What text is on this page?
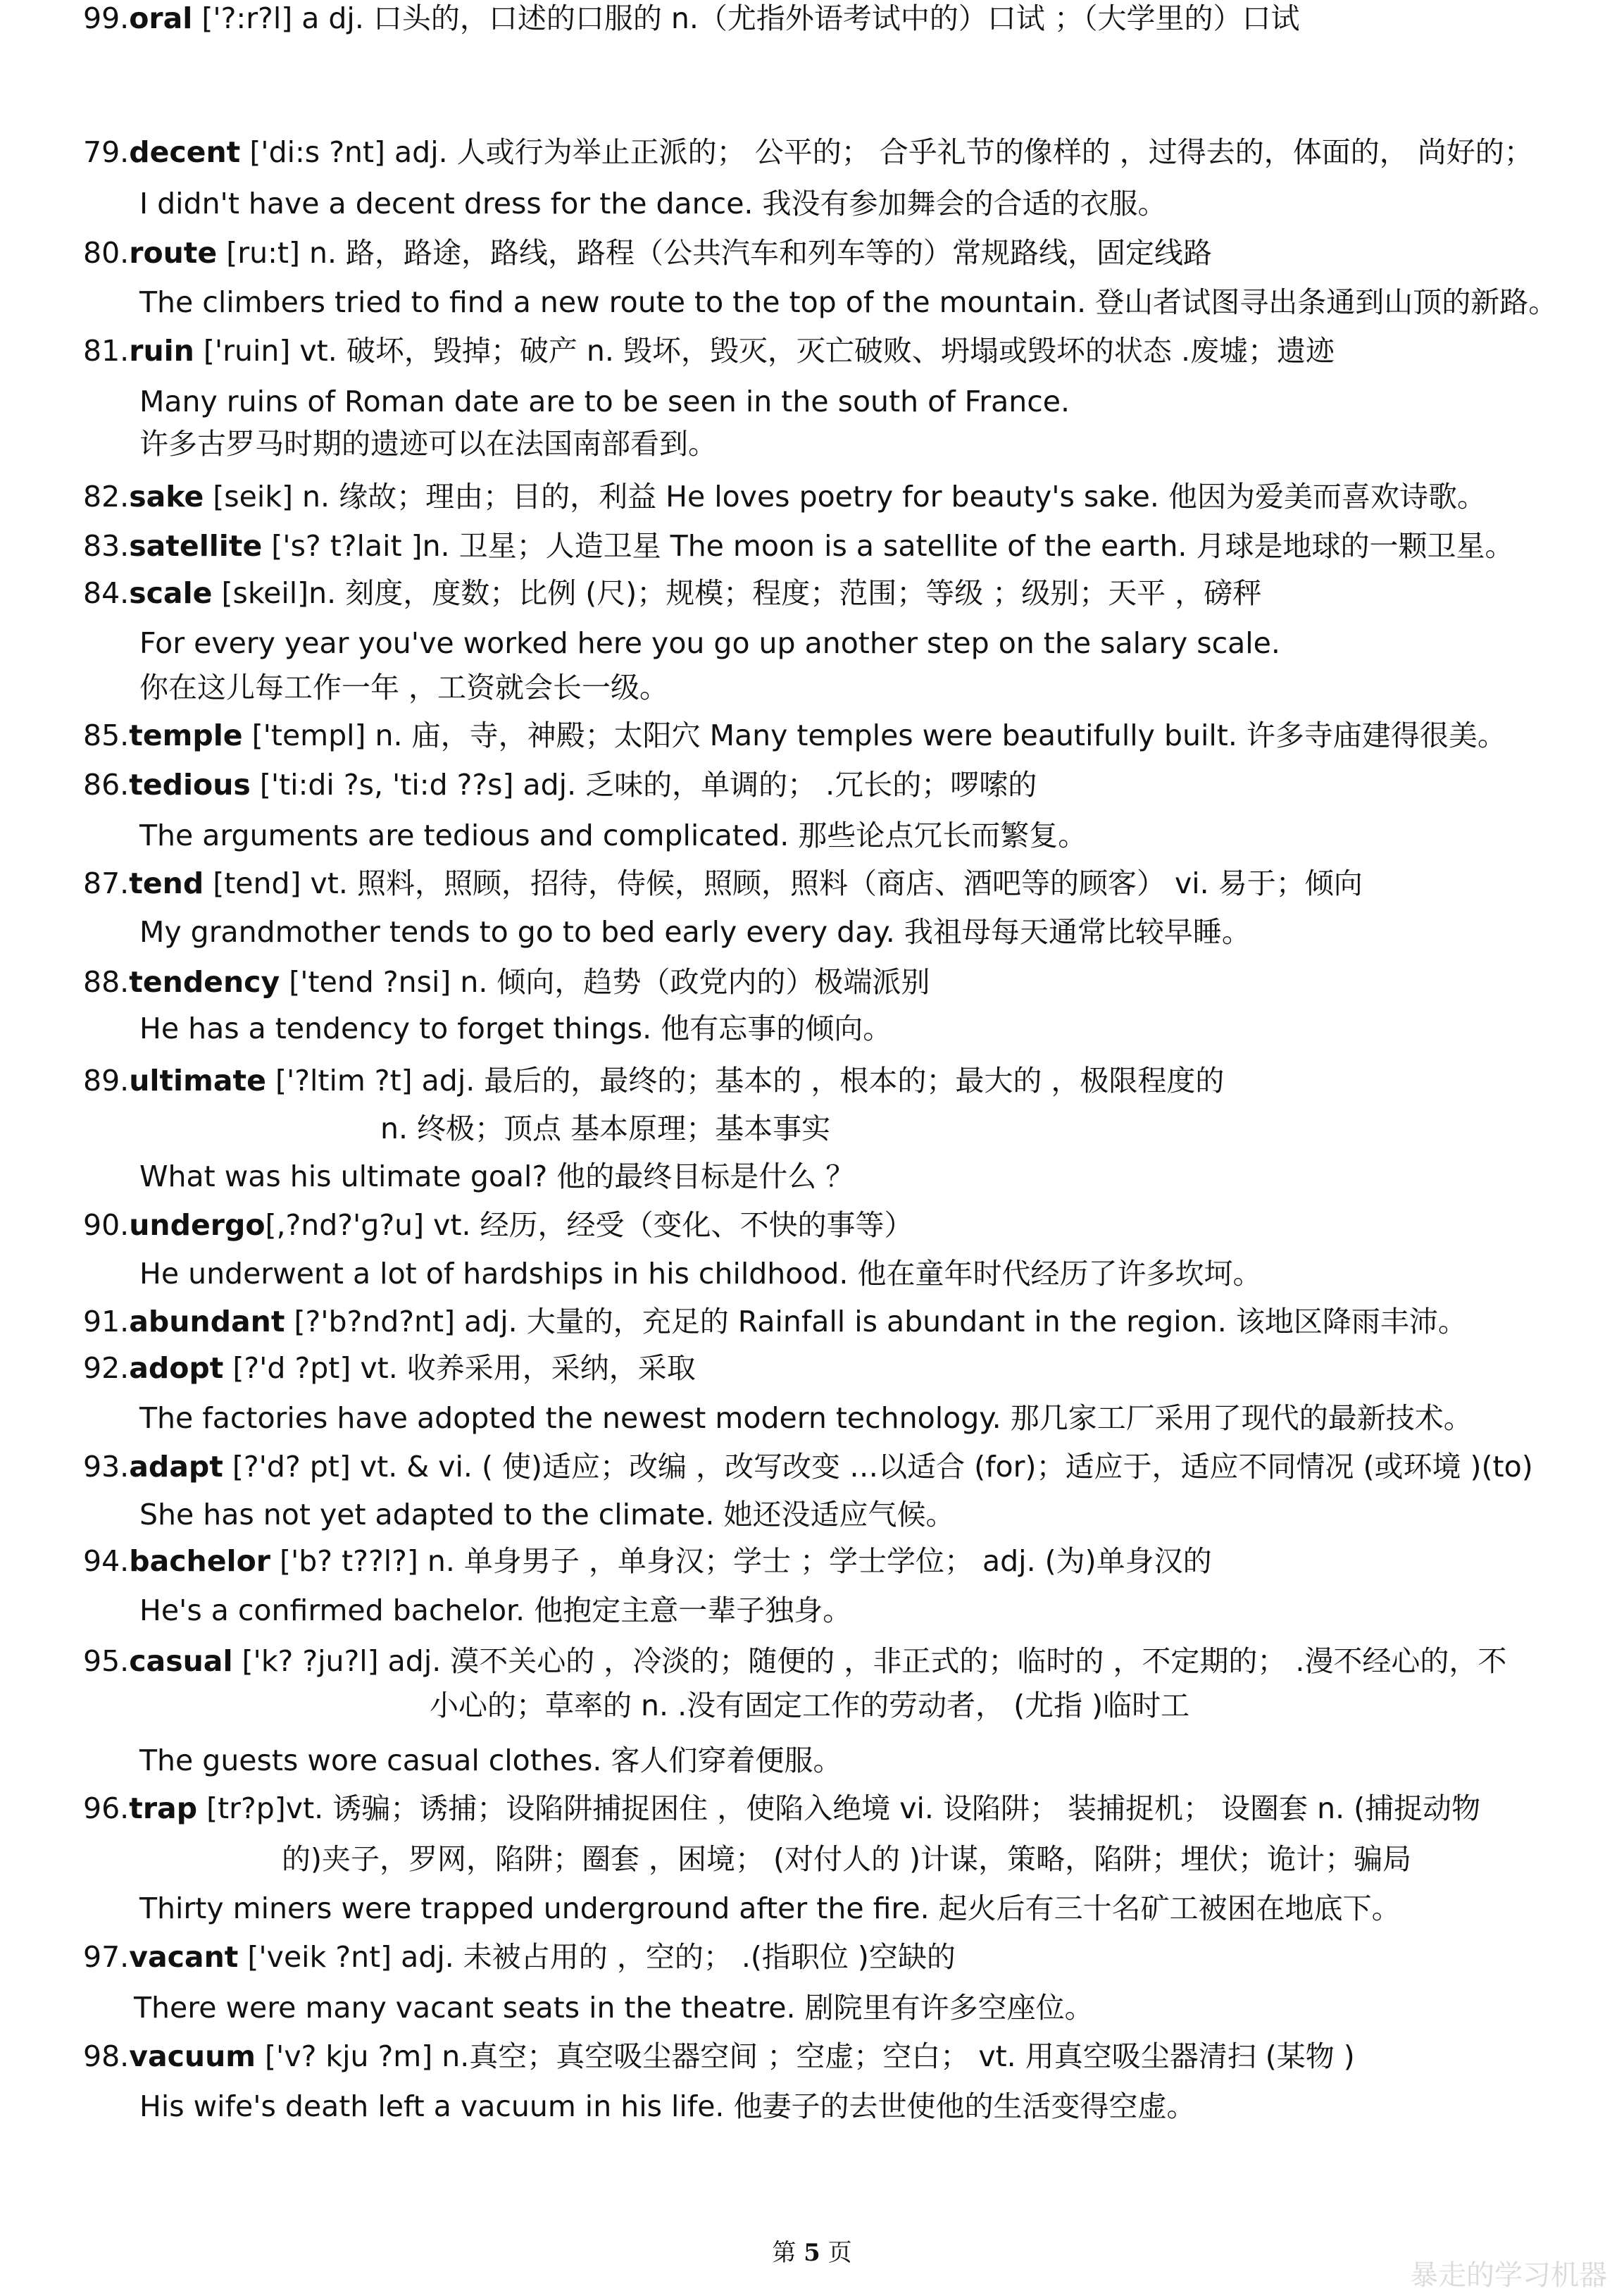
79.decent ['di:s ?nt] adj. 人或行为举止正派的； 公平的； 合乎礼节的像样的 ，过得去的，体面的， 尚好的；
I didn't have a decent dress for the dance. 我没有参加舞会的合适的衣服。
80.route [ru:t] n. 路，路途，路线，路程（公共汽车和列车等的）常规路线，固定线路
The climbers tried to find a new route to the top of the mountain. 登山者试图寻出条通到山顶的新路。
81.ruin ['ruin] vt. 破坏，毁掉；破产 n. 毁坏，毁灭，灭亡破败、坍塌或毁坏的状态 .废墟；遗迹
Many ruins of Roman date are to be seen in the south of France.
许多古罗马时期的遗迹可以在法国南部看到。
82.sake [seik] n. 缘故；理由；目的，利益 He loves poetry for beauty's sake. 他因为爱美而喜欢诗歌。
83.satellite ['s? t?lait ]n. 卫星；人造卫星 The moon is a satellite of the earth. 月球是地球的一颗卫星。
84.scale [skeil]n. 刻度，度数；比例 (尺)；规模；程度；范围；等级 ；级别；天平 ，磅秤
For every year you've worked here you go up another step on the salary scale.
你在这儿每工作一年 ，工资就会长一级。
85.temple ['templ] n. 庙，寺，神殿；太阳穴 Many temples were beautifully built. 许多寺庙建得很美。
86.tedious ['ti:di ?s, 'ti:d ??s] adj. 乏味的，单调的； .冗长的；啰嗦的
The arguments are tedious and complicated. 那些论点冗长而繁复。
87.tend [tend] vt. 照料，照顾，招待，侍候，照顾，照料（商店、酒吧等的顾客） vi. 易于；倾向
My grandmother tends to go to bed early every day. 我祖母每天通常比较早睡。
88.tendency ['tend ?nsi] n. 倾向，趋势（政党内的）极端派别
He has a tendency to forget things. 他有忘事的倾向。
89.ultimate ['?ltim ?t] adj. 最后的，最终的；基本的 ，根本的；最大的 ，极限程度的
n. 终极；顶点 基本原理；基本事实
What was his ultimate goal? 他的最终目标是什么 ？
90.undergo[,?nd?'ɡ?u] vt. 经历，经受（变化、不快的事等）
He underwent a lot of hardships in his childhood. 他在童年时代经历了许多坎坷。
91.abundant [?'b?nd?nt] adj. 大量的，充足的 Rainfall is abundant in the region. 该地区降雨丰沛。
92.adopt [?'d ?pt] vt. 收养采用，采纳，采取
The factories have adopted the newest modern technology. 那几家工厂采用了现代的最新技术。
93.adapt [?'d? pt] vt. & vi. ( 使)适应；改编 ，改写改变 …以适合 (for)；适应于，适应不同情况 (或环境 )(to)
She has not yet adapted to the climate. 她还没适应气候。
94.bachelor ['b? t??l?] n. 单身男子 ，单身汉；学士 ；学士学位； adj. (为)单身汉的
He's a confirmed bachelor. 他抱定主意一辈子独身。
95.casual ['k? ?ju?l] adj. 漠不关心的 ，冷淡的；随便的 ，非正式的；临时的 ，不定期的； .漫不经心的，不
小心的；草率的 n. .没有固定工作的劳动者， (尤指 )临时工
The guests wore casual clothes. 客人们穿着便服。
96.trap [tr?p]vt. 诱骗；诱捕；设陷阱捕捉困住 ，使陷入绝境 vi. 设陷阱； 装捕捉机； 设圈套 n. (捕捉动物
的)夹子，罗网，陷阱；圈套 ，困境； (对付人的 )计谋，策略，陷阱；埋伏；诡计；骗局
Thirty miners were trapped underground after the fire. 起火后有三十名矿工被困在地底下。
97.vacant ['veik ?nt] adj. 未被占用的 ，空的； .(指职位 )空缺的
There were many vacant seats in the theatre. 剧院里有许多空座位。
98.vacuum ['v? kju ?m] n.真空；真空吸尘器空间 ；空虚；空白； vt. 用真空吸尘器清扫 (某物 )
His wife's death left a vacuum in his life. 他妻子的去世使他的生活变得空虚。
99.oral ['?:r?l] a dj. 口头的，口述的口服的 n.（尤指外语考试中的）口试 ；（大学里的）口试
第 5 页
暴走的学习机器
